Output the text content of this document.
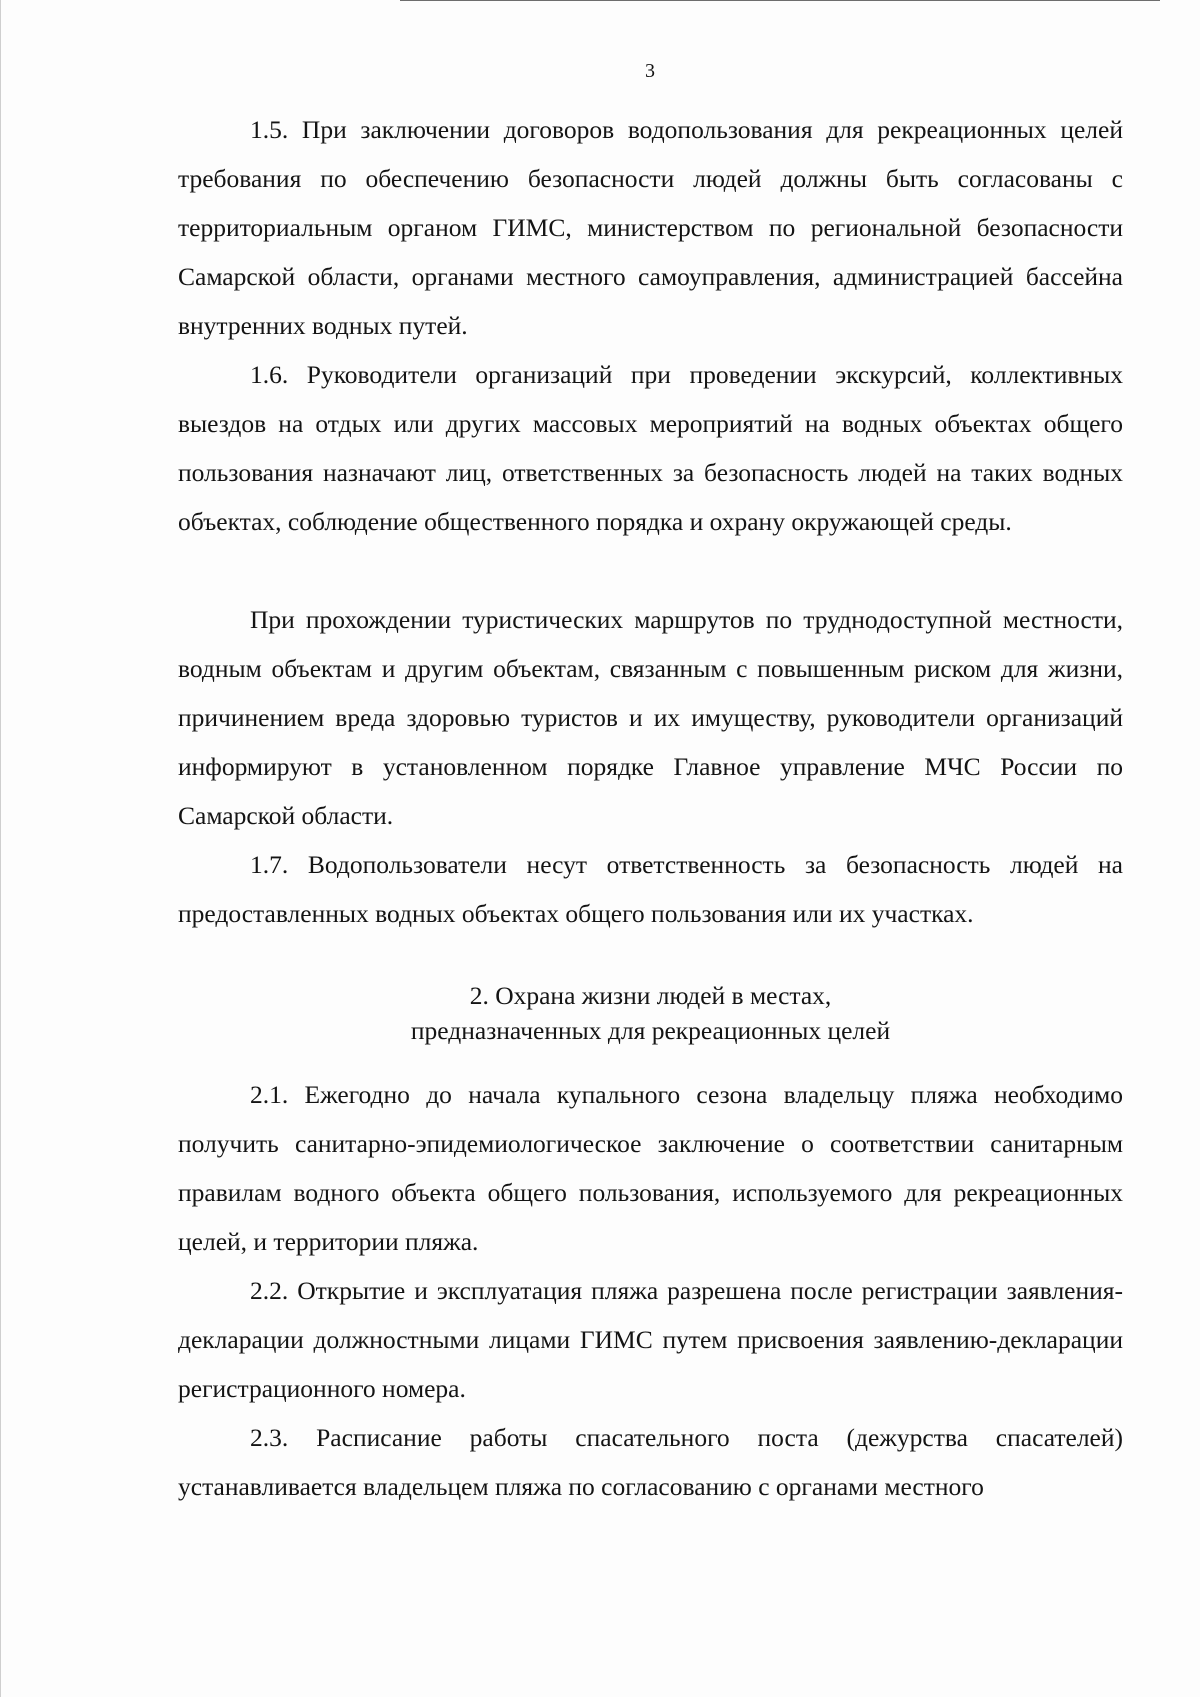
3

1.5. При заключении договоров водопользования для рекреационных целей требования по обеспечению безопасности людей должны быть согласованы с территориальным органом ГИМС, министерством по региональной безопасности Самарской области, органами местного самоуправления, администрацией бассейна внутренних водных путей.

1.6. Руководители организаций при проведении экскурсий, коллективных выездов на отдых или других массовых мероприятий на водных объектах общего пользования назначают лиц, ответственных за безопасность людей на таких водных объектах, соблюдение общественного порядка и охрану окружающей среды.

При прохождении туристических маршрутов по труднодоступной местности, водным объектам и другим объектам, связанным с повышенным риском для жизни, причинением вреда здоровью туристов и их имуществу, руководители организаций информируют в установленном порядке Главное управление МЧС России по Самарской области.

1.7. Водопользователи несут ответственность за безопасность людей на предоставленных водных объектах общего пользования или их участках.

2. Охрана жизни людей в местах,
предназначенных для рекреационных целей

2.1. Ежегодно до начала купального сезона владельцу пляжа необходимо получить санитарно-эпидемиологическое заключение о соответствии санитарным правилам водного объекта общего пользования, используемого для рекреационных целей, и территории пляжа.

2.2. Открытие и эксплуатация пляжа разрешена после регистрации заявления-декларации должностными лицами ГИМС путем присвоения заявлению-декларации регистрационного номера.

2.3. Расписание работы спасательного поста (дежурства спасателей) устанавливается владельцем пляжа по согласованию с органами местного
